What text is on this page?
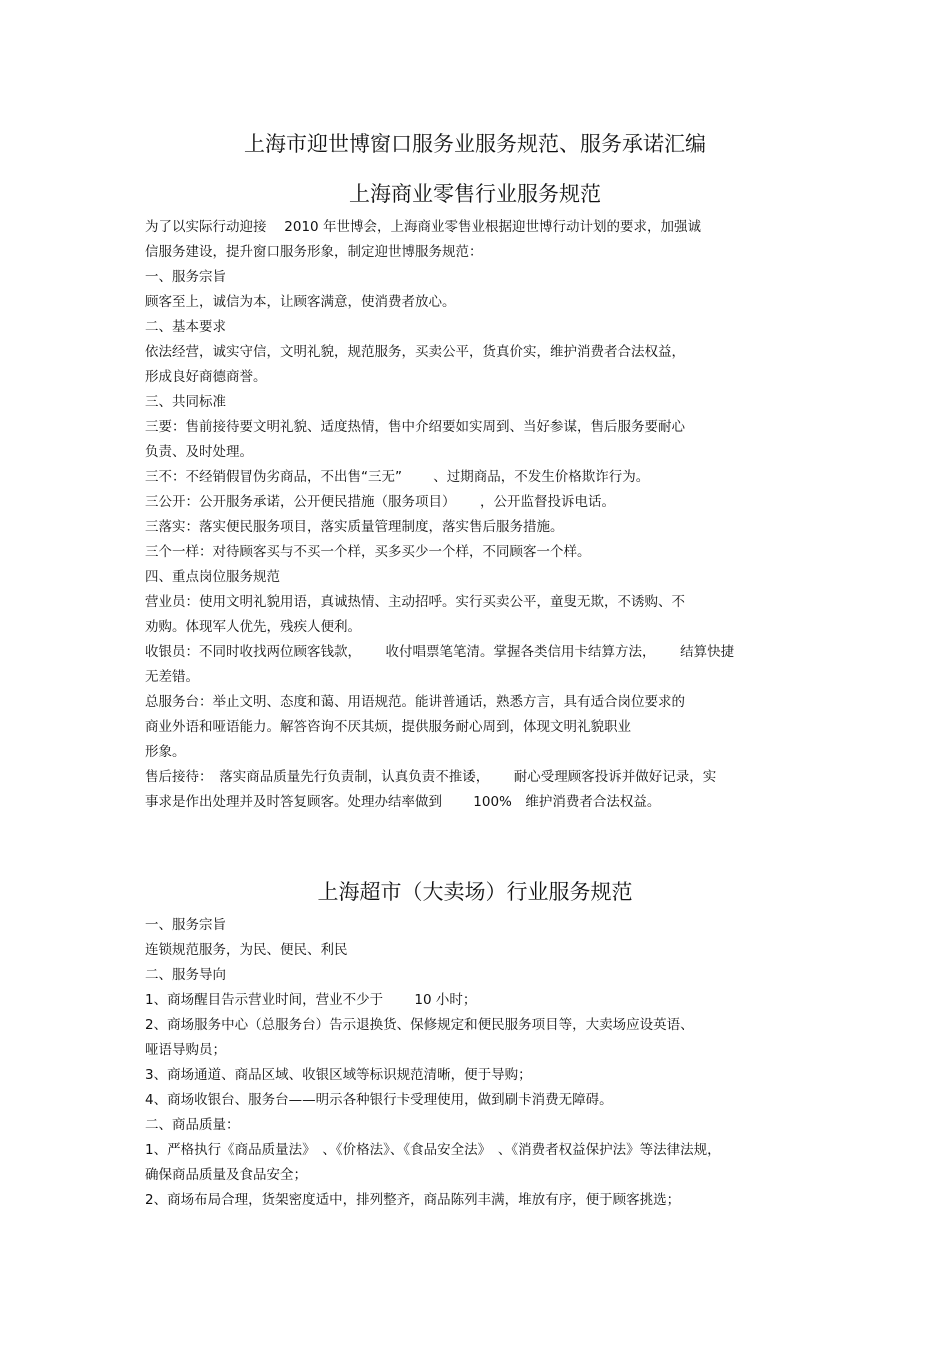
上海市迎世博窗口服务业服务规范、服务承诺汇编
上海商业零售行业服务规范

为了以实际行动迎接　 2010 年世博会，上海商业零售业根据迎世博行动计划的要求，加强诚

信服务建设，提升窗口服务形象，制定迎世博服务规范：

一、服务宗旨

顾客至上，诚信为本，让顾客满意，使消费者放心。

二、基本要求

依法经营，诚实守信，文明礼貌，规范服务，买卖公平，货真价实，维护消费者合法权益，

形成良好商德商誉。

三、共同标准

三要：售前接待要文明礼貌、适度热情，售中介绍要如实周到、当好参谋，售后服务要耐心

负责、及时处理。

三不：不经销假冒伪劣商品，不出售“三无”　　 、过期商品，不发生价格欺诈行为。

三公开：公开服务承诺，公开便民措施（服务项目）　　 ，公开监督投诉电话。

三落实：落实便民服务项目，落实质量管理制度，落实售后服务措施。

三个一样：对待顾客买与不买一个样，买多买少一个样，不同顾客一个样。

四、重点岗位服务规范

营业员：使用文明礼貌用语，真诚热情、主动招呼。实行买卖公平，童叟无欺，不诱购、不

劝购。体现军人优先，残疾人便利。

收银员：不同时收找两位顾客钱款，　　 收付唱票笔笔清。掌握各类信用卡结算方法，　　 结算快捷

无差错。

总服务台：举止文明、态度和蔼、用语规范。能讲普通话，熟悉方言，具有适合岗位要求的

商业外语和哑语能力。解答咨询不厌其烦，提供服务耐心周到，体现文明礼貌职业

形象。

售后接待：　落实商品质量先行负责制，认真负责不推诿，　　 耐心受理顾客投诉并做好记录，实

事求是作出处理并及时答复顾客。处理办结率做到　　 100%　维护消费者合法权益。

上海超市（大卖场）行业服务规范

一、服务宗旨

连锁规范服务，为民、便民、利民

二、服务导向

1、商场醒目告示营业时间，营业不少于　　 10 小时；

2、商场服务中心（总服务台）告示退换货、保修规定和便民服务项目等，大卖场应设英语、

哑语导购员；

3、商场通道、商品区域、收银区域等标识规范清晰，便于导购；

4、商场收银台、服务台——明示各种银行卡受理使用，做到刷卡消费无障碍。

二、商品质量：

1、严格执行《商品质量法》　、《价格法》、《食品安全法》　、《消费者权益保护法》等法律法规，

确保商品质量及食品安全；

2、商场布局合理，货架密度适中，排列整齐，商品陈列丰满，堆放有序，便于顾客挑选；
